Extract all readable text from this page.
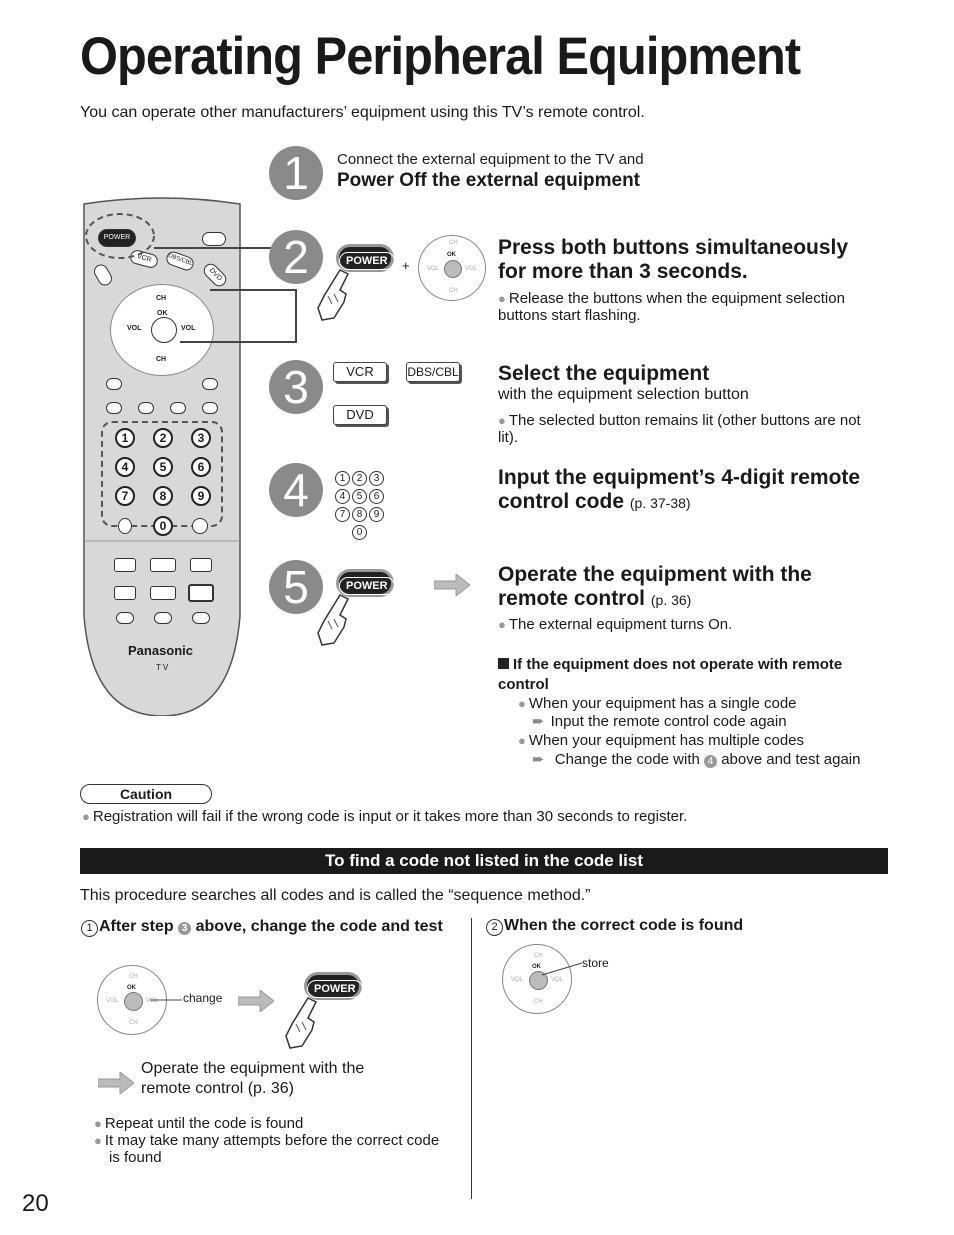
Operating Peripheral Equipment
You can operate other manufacturers’ equipment using this TV’s remote control.
POWER
VCR	DBS/CBL
DVD
CH
OK
VOL	VOL
CH
1	2	3
4	5	6
7	8	9
0
Panasonic
TV
1	Connect the external equipment to the TV and
Power Off the external equipment
2	POWER	+
CH
OK
VOL	VOL
CH
Press both buttons simultaneously for more than 3 seconds.
● Release the buttons when the equipment selection buttons start flashing.
3	VCR	DBS/CBL
DVD
Select the equipment
with the equipment selection button
● The selected button remains lit (other buttons are not lit).
4	1 2 3
4 5 6
7 8 9
0
Input the equipment’s 4-digit remote control code (p. 37-38)
5	POWER	Operate the equipment with the remote control (p. 36)
● The external equipment turns On.
If the equipment does not operate with remote control
● When your equipment has a single code
➨ Input the remote control code again
● When your equipment has multiple codes
➨ Change the code with 4 above and test again
Caution
● Registration will fail if the wrong code is input or it takes more than 30 seconds to register.
To find a code not listed in the code list
This procedure searches all codes and is called the “sequence method.”
1 After step 3 above, change the code and test
CH
OK
VOL	VOL
CH
change
POWER
Operate the equipment with the remote control (p. 36)
● Repeat until the code is found
● It may take many attempts before the correct code is found
2 When the correct code is found
CH
OK
VOL	VOL
CH
store
20
